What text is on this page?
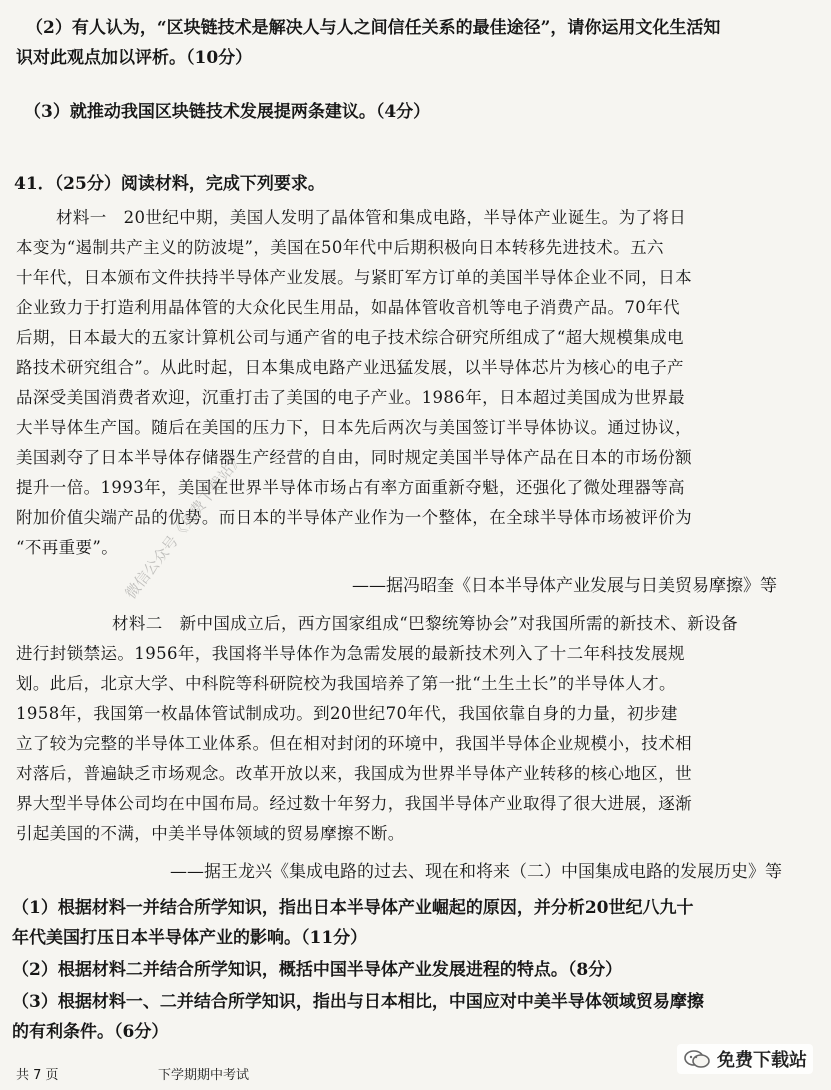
（2）有人认为，“区块链技术是解决人与人之间信任关系的最佳途径”，请你运用文化生活知
识对此观点加以评析。（10分）
（3）就推动我国区块链技术发展提两条建议。（4分）
41．（25分）阅读材料，完成下列要求。
材料一　20世纪中期，美国人发明了晶体管和集成电路，半导体产业诞生。为了将日
本变为“遏制共产主义的防波堤”，美国在50年代中后期积极向日本转移先进技术。五六
十年代，日本颁布文件扶持半导体产业发展。与紧盯军方订单的美国半导体企业不同，日本
企业致力于打造利用晶体管的大众化民生用品，如晶体管收音机等电子消费产品。70年代
后期，日本最大的五家计算机公司与通产省的电子技术综合研究所组成了“超大规模集成电
路技术研究组合”。从此时起，日本集成电路产业迅猛发展，以半导体芯片为核心的电子产
品深受美国消费者欢迎，沉重打击了美国的电子产业。1986年，日本超过美国成为世界最
大半导体生产国。随后在美国的压力下，日本先后两次与美国签订半导体协议。通过协议，
美国剥夺了日本半导体存储器生产经营的自由，同时规定美国半导体产品在日本的市场份额
提升一倍。1993年，美国在世界半导体市场占有率方面重新夺魁，还强化了微处理器等高
附加价值尖端产品的优势。而日本的半导体产业作为一个整体，在全球半导体市场被评价为
“不再重要”。
——据冯昭奎《日本半导体产业发展与日美贸易摩擦》等
材料二　新中国成立后，西方国家组成“巴黎统筹协会”对我国所需的新技术、新设备
进行封锁禁运。1956年，我国将半导体作为急需发展的最新技术列入了十二年科技发展规
划。此后，北京大学、中科院等科研院校为我国培养了第一批“土生土长”的半导体人才。
1958年，我国第一枚晶体管试制成功。到20世纪70年代，我国依靠自身的力量，初步建
立了较为完整的半导体工业体系。但在相对封闭的环境中，我国半导体企业规模小，技术相
对落后，普遍缺乏市场观念。改革开放以来，我国成为世界半导体产业转移的核心地区，世
界大型半导体公司均在中国布局。经过数十年努力，我国半导体产业取得了很大进展，逐渐
引起美国的不满，中美半导体领域的贸易摩擦不断。
——据王龙兴《集成电路的过去、现在和将来（二）中国集成电路的发展历史》等
（1）根据材料一并结合所学知识，指出日本半导体产业崛起的原因，并分析20世纪八九十
年代美国打压日本半导体产业的影响。（11分）
（2）根据材料二并结合所学知识，概括中国半导体产业发展进程的特点。（8分）
（3）根据材料一、二并结合所学知识，指出与日本相比，中国应对中美半导体领域贸易摩擦
的有利条件。（6分）
共 7 页	下学期期中考试
微信公众号《免费下载站》
免费下载站
